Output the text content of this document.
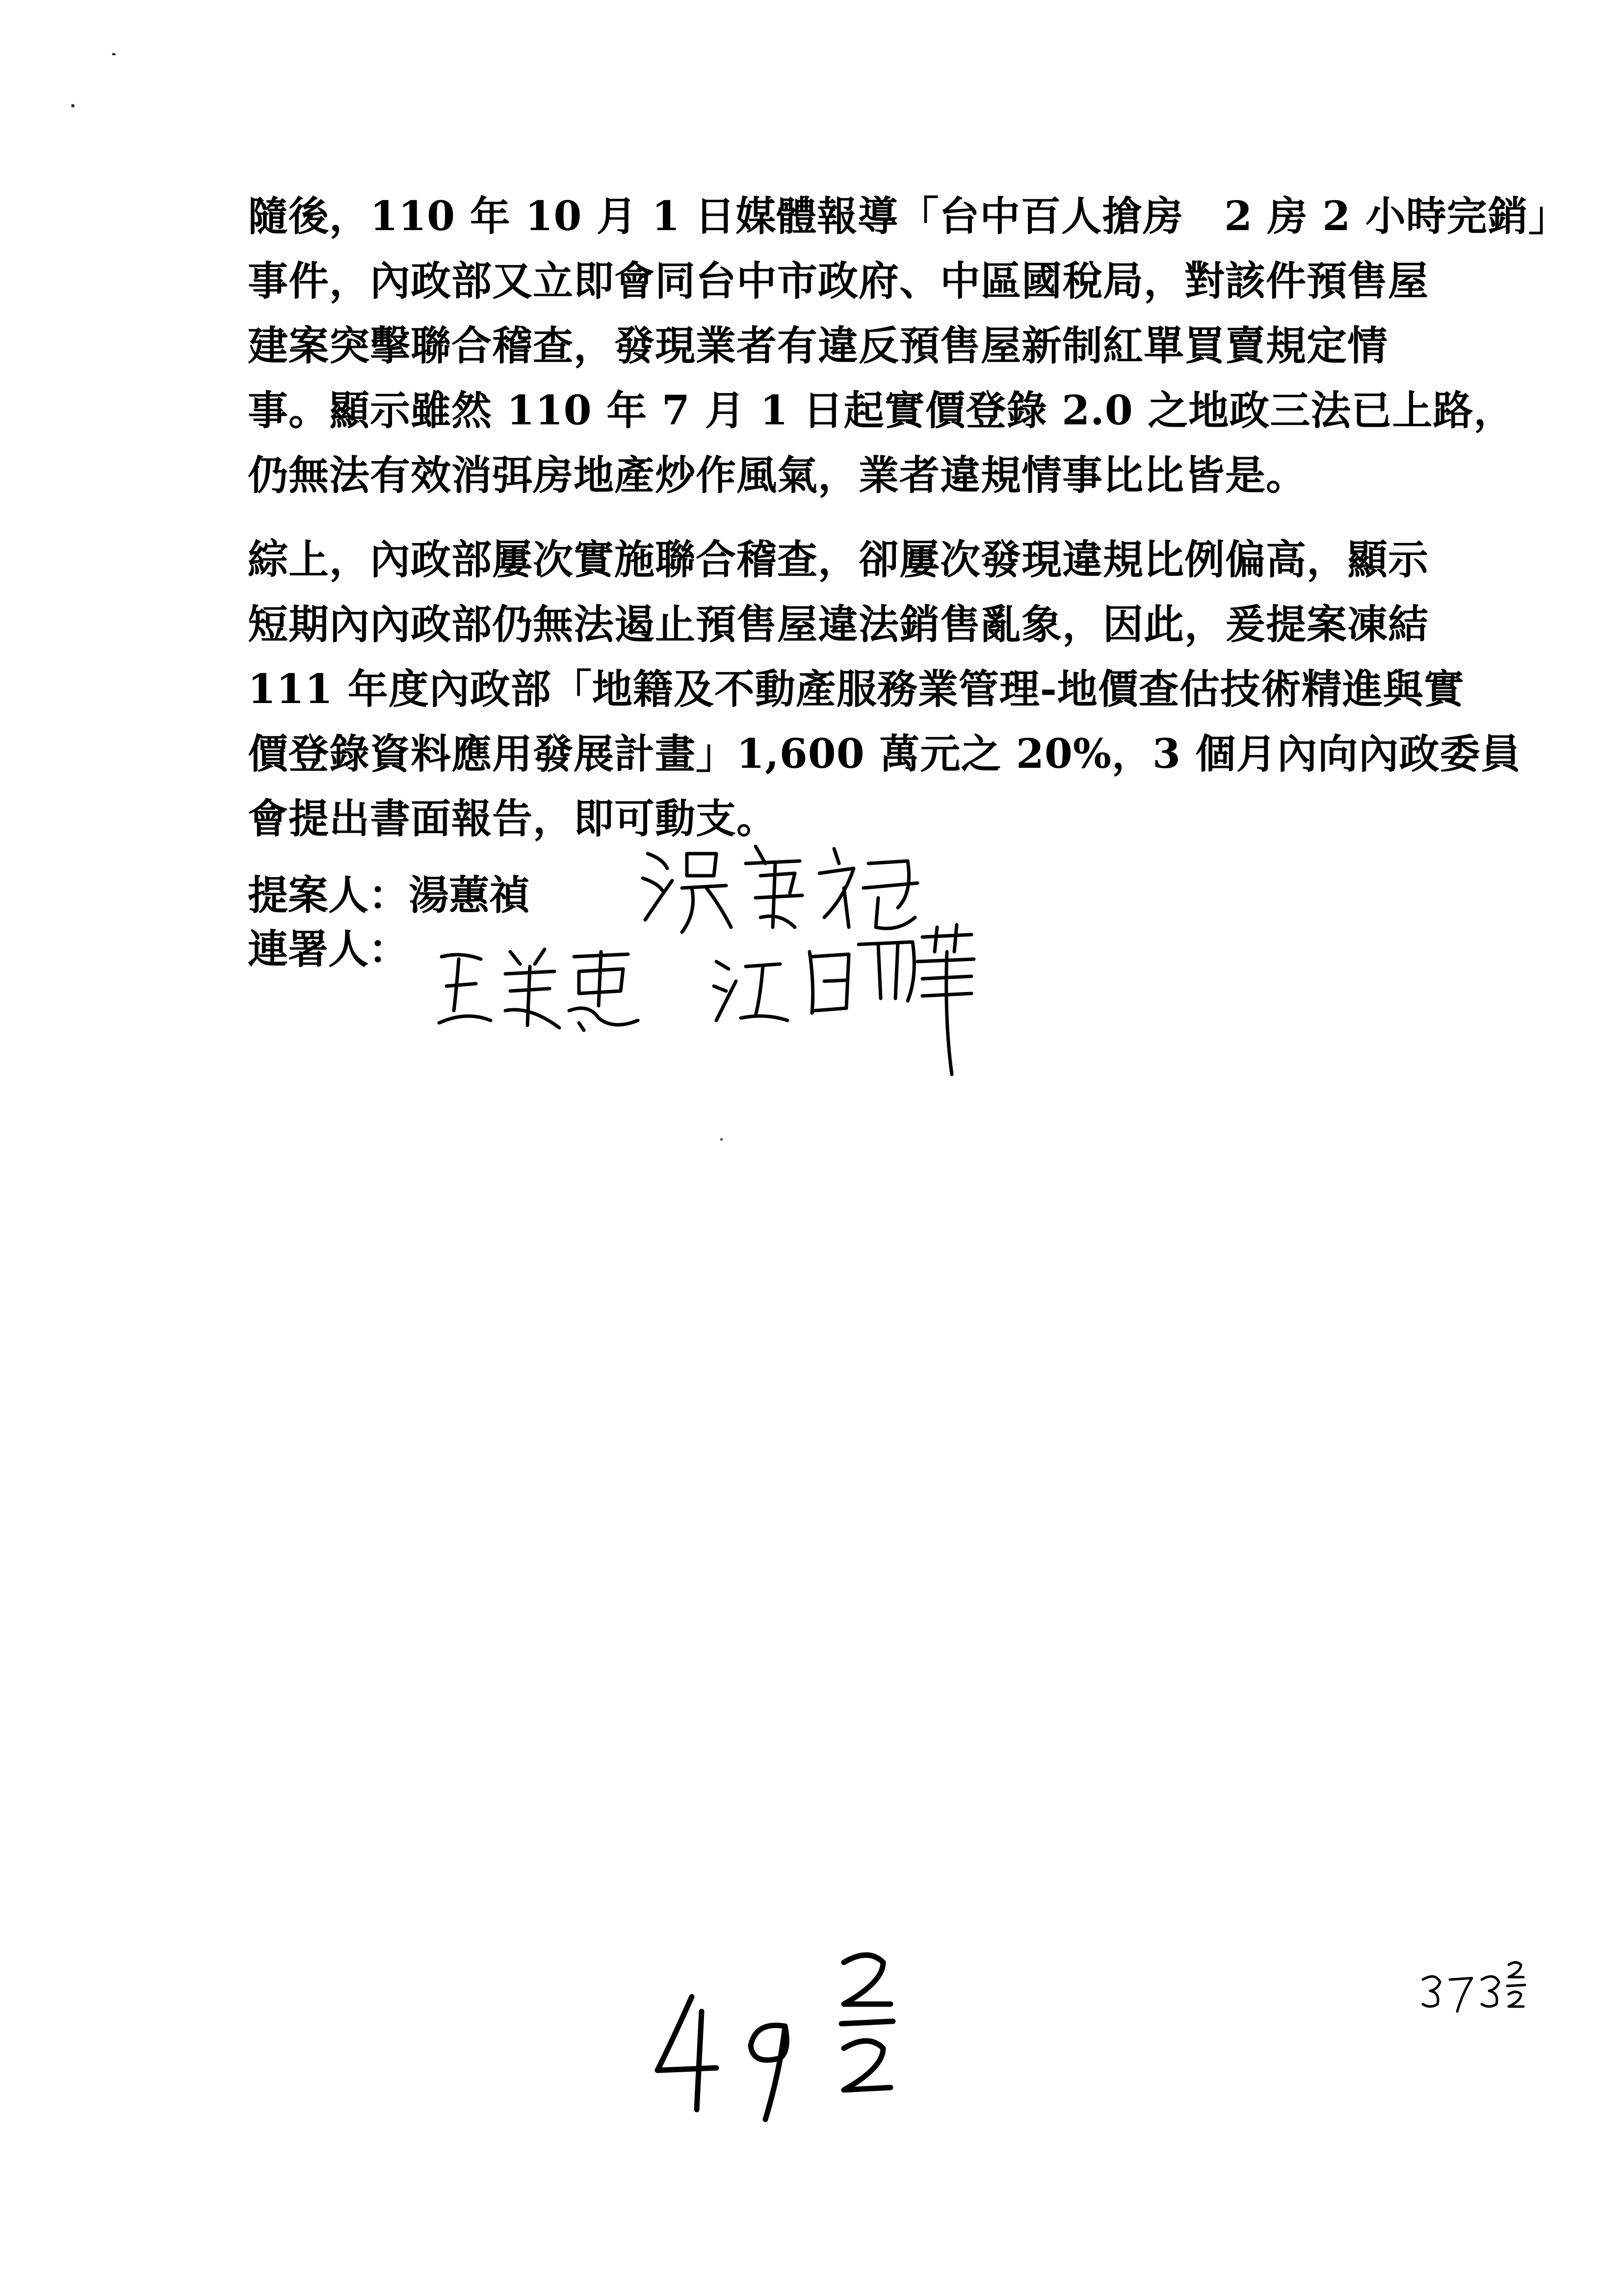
隨後，110 年 10 月 1 日媒體報導「台中百人搶房　2 房 2 小時完銷」
事件，內政部又立即會同台中市政府、中區國稅局，對該件預售屋
建案突擊聯合稽查，發現業者有違反預售屋新制紅單買賣規定情
事。顯示雖然 110 年 7 月 1 日起實價登錄 2.0 之地政三法已上路，
仍無法有效消弭房地產炒作風氣，業者違規情事比比皆是。
綜上，內政部屢次實施聯合稽查，卻屢次發現違規比例偏高，顯示
短期內內政部仍無法遏止預售屋違法銷售亂象，因此，爰提案凍結
111 年度內政部「地籍及不動產服務業管理-地價查估技術精進與實
價登錄資料應用發展計畫」1,600 萬元之 20%，3 個月內向內政委員
會提出書面報告，即可動支。
提案人：湯蕙禎
連署人：
